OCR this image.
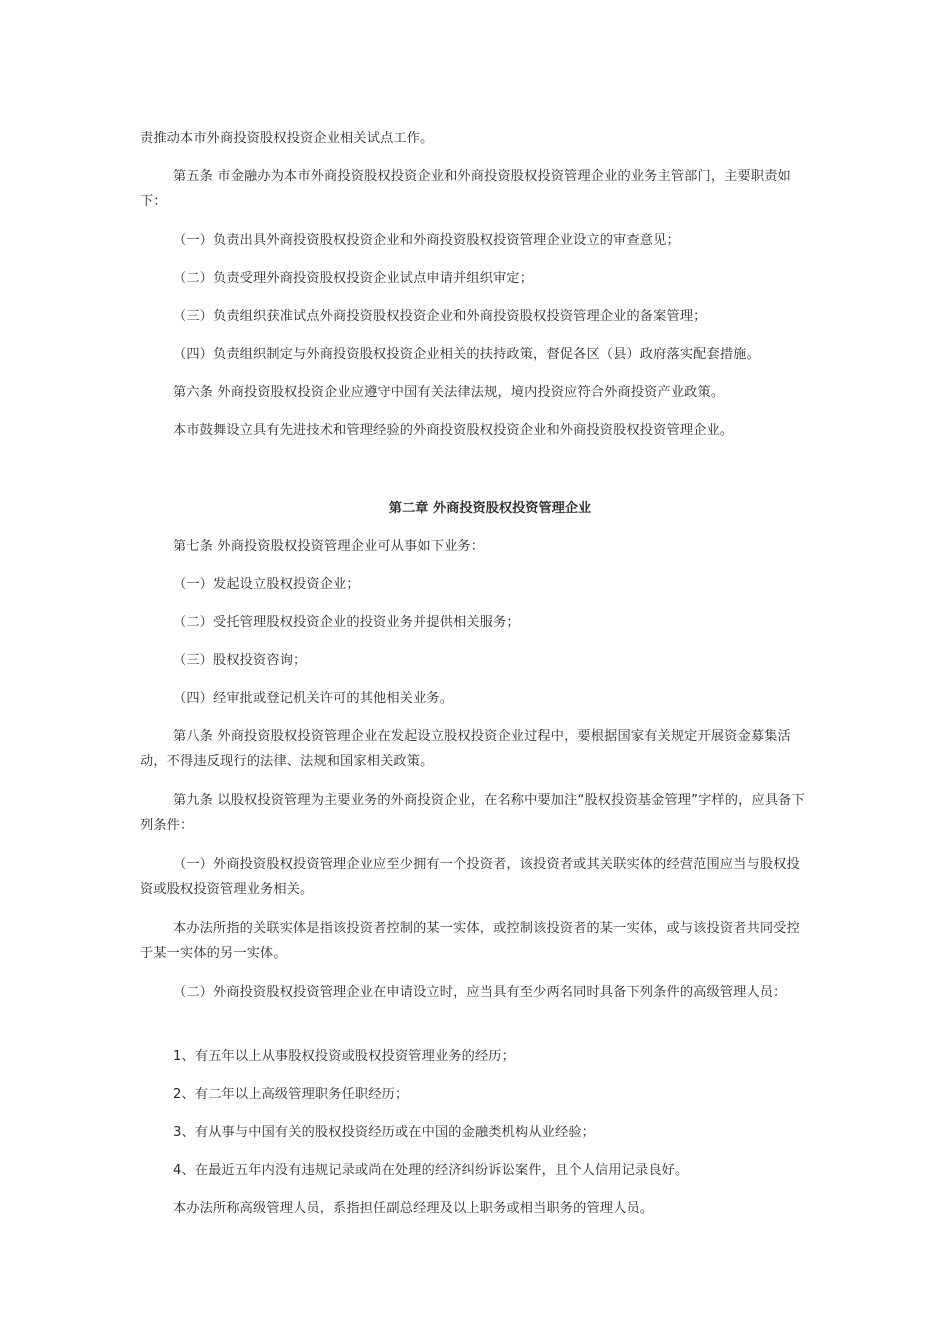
责推动本市外商投资股权投资企业相关试点工作。

第五条 市金融办为本市外商投资股权投资企业和外商投资股权投资管理企业的业务主管部门，主要职责如下：

（一）负责出具外商投资股权投资企业和外商投资股权投资管理企业设立的审查意见；

（二）负责受理外商投资股权投资企业试点申请并组织审定；

（三）负责组织获准试点外商投资股权投资企业和外商投资股权投资管理企业的备案管理；

（四）负责组织制定与外商投资股权投资企业相关的扶持政策，督促各区（县）政府落实配套措施。

第六条 外商投资股权投资企业应遵守中国有关法律法规，境内投资应符合外商投资产业政策。

本市鼓舞设立具有先进技术和管理经验的外商投资股权投资企业和外商投资股权投资管理企业。

第二章 外商投资股权投资管理企业

第七条 外商投资股权投资管理企业可从事如下业务：

（一）发起设立股权投资企业；

（二）受托管理股权投资企业的投资业务并提供相关服务；

（三）股权投资咨询；

（四）经审批或登记机关许可的其他相关业务。

第八条 外商投资股权投资管理企业在发起设立股权投资企业过程中，要根据国家有关规定开展资金募集活动，不得违反现行的法律、法规和国家相关政策。

第九条 以股权投资管理为主要业务的外商投资企业，在名称中要加注“股权投资基金管理”字样的，应具备下列条件：

（一）外商投资股权投资管理企业应至少拥有一个投资者，该投资者或其关联实体的经营范围应当与股权投资或股权投资管理业务相关。

本办法所指的关联实体是指该投资者控制的某一实体，或控制该投资者的某一实体，或与该投资者共同受控于某一实体的另一实体。

（二）外商投资股权投资管理企业在申请设立时，应当具有至少两名同时具备下列条件的高级管理人员：

1、有五年以上从事股权投资或股权投资管理业务的经历；

2、有二年以上高级管理职务任职经历；

3、有从事与中国有关的股权投资经历或在中国的金融类机构从业经验；

4、在最近五年内没有违规记录或尚在处理的经济纠纷诉讼案件，且个人信用记录良好。

本办法所称高级管理人员，系指担任副总经理及以上职务或相当职务的管理人员。
